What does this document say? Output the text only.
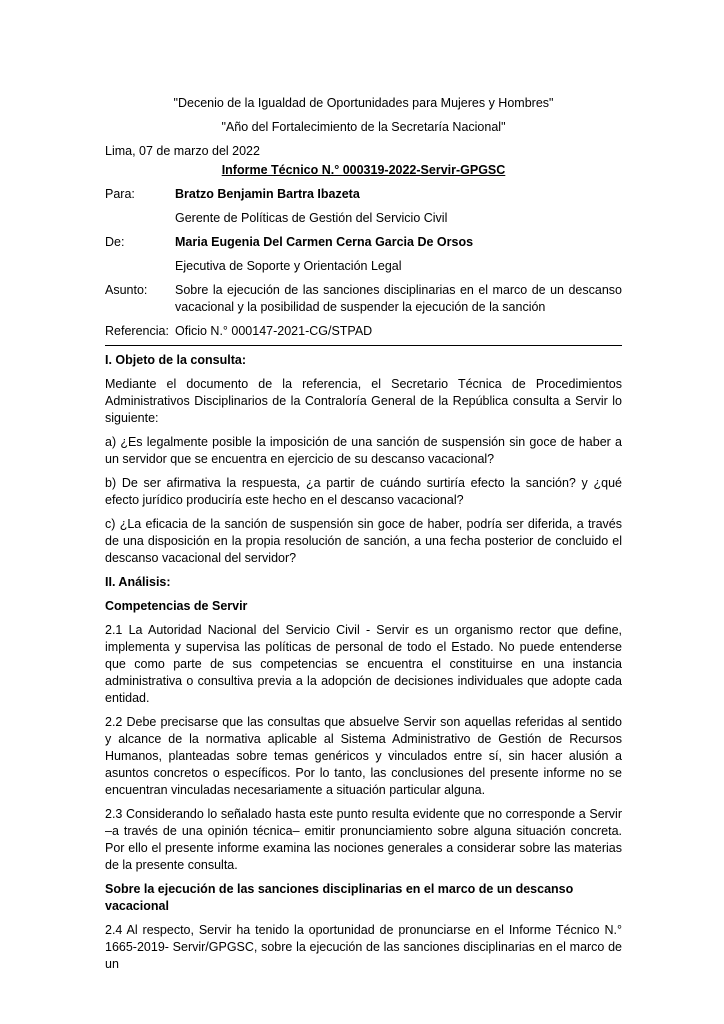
"Decenio de la Igualdad de Oportunidades para Mujeres y Hombres"

"Año del Fortalecimiento de la Secretaría Nacional"

Lima, 07 de marzo del 2022

Informe Técnico N.° 000319-2022-Servir-GPGSC

Para:	Bratzo Benjamin Bartra Ibazeta
Gerente de Políticas de Gestión del Servicio Civil
De:	Maria Eugenia Del Carmen Cerna Garcia De Orsos
Ejecutiva de Soporte y Orientación Legal
Asunto:	Sobre la ejecución de las sanciones disciplinarias en el marco de un descanso vacacional y la posibilidad de suspender la ejecución de la sanción
Referencia: Oficio N.° 000147-2021-CG/STPAD

I. Objeto de la consulta:

Mediante el documento de la referencia, el Secretario Técnica de Procedimientos Administrativos Disciplinarios de la Contraloría General de la República consulta a Servir lo siguiente:

a) ¿Es legalmente posible la imposición de una sanción de suspensión sin goce de haber a un servidor que se encuentra en ejercicio de su descanso vacacional?

b) De ser afirmativa la respuesta, ¿a partir de cuándo surtiría efecto la sanción? y ¿qué efecto jurídico produciría este hecho en el descanso vacacional?

c) ¿La eficacia de la sanción de suspensión sin goce de haber, podría ser diferida, a través de una disposición en la propia resolución de sanción, a una fecha posterior de concluido el descanso vacacional del servidor?

II. Análisis:

Competencias de Servir

2.1 La Autoridad Nacional del Servicio Civil - Servir es un organismo rector que define, implementa y supervisa las políticas de personal de todo el Estado. No puede entenderse que como parte de sus competencias se encuentra el constituirse en una instancia administrativa o consultiva previa a la adopción de decisiones individuales que adopte cada entidad.

2.2 Debe precisarse que las consultas que absuelve Servir son aquellas referidas al sentido y alcance de la normativa aplicable al Sistema Administrativo de Gestión de Recursos Humanos, planteadas sobre temas genéricos y vinculados entre sí, sin hacer alusión a asuntos concretos o específicos. Por lo tanto, las conclusiones del presente informe no se encuentran vinculadas necesariamente a situación particular alguna.

2.3 Considerando lo señalado hasta este punto resulta evidente que no corresponde a Servir –a través de una opinión técnica– emitir pronunciamiento sobre alguna situación concreta. Por ello el presente informe examina las nociones generales a considerar sobre las materias de la presente consulta.

Sobre la ejecución de las sanciones disciplinarias en el marco de un descanso vacacional

2.4 Al respecto, Servir ha tenido la oportunidad de pronunciarse en el Informe Técnico N.° 1665-2019- Servir/GPGSC, sobre la ejecución de las sanciones disciplinarias en el marco de un
